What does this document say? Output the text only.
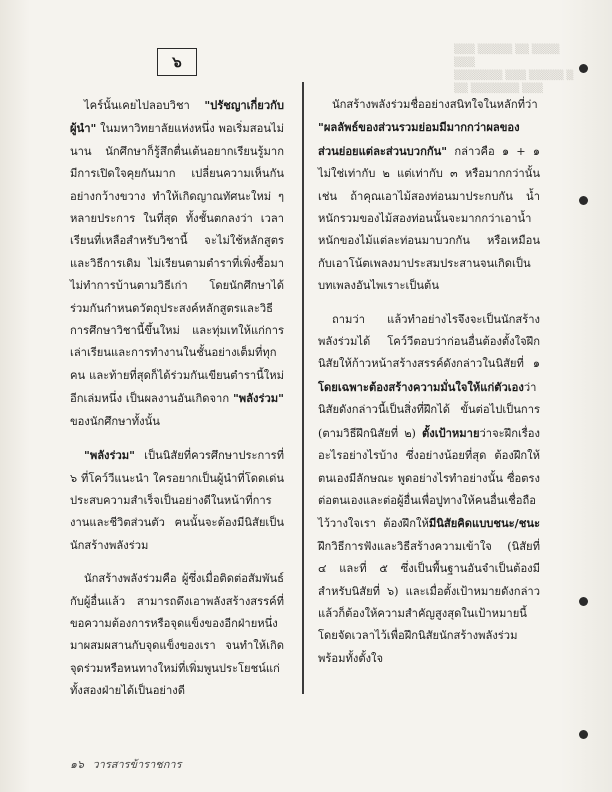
▒▒▒ ▒▒▒▒▒ ▒▒ ▒▒▒▒ ▒▒▒
▒▒▒▒▒▒▒ ▒▒▒ ▒▒▒▒▒ ▒
▒▒ ▒▒▒▒▒▒▒ ▒▒▒
๖

ไคร์นั้นเคยไปลอบวิชา "ปรัชญาเกี่ยวกับผู้นำ" ในมหาวิทยาลัยแห่งหนึ่ง พอเริ่มสอนไม่นาน นักศึกษาก็รู้สึกตื่นเต้นอยากเรียนรู้มาก มีการเปิดใจคุยกันมาก เปลี่ยนความเห็นกันอย่างกว้างขวาง ทำให้เกิดญาณทัศนะใหม่ ๆ หลายประการ ในที่สุด ทั้งชั้นตกลงว่า เวลาเรียนที่เหลือสำหรับวิชานี้ จะไม่ใช้หลักสูตรและวิธีการเดิม ไม่เรียนตามตำราที่เพิ่งซื้อมา ไม่ทำการบ้านตามวิธีเก่า โดยนักศึกษาได้ร่วมกันกำหนดวัตถุประสงค์หลักสูตรและวิธีการศึกษาวิชานี้ขึ้นใหม่ และทุ่มเทให้แก่การเล่าเรียนและการทำงานในชั้นอย่างเต็มที่ทุกคน และท้ายที่สุดก็ได้ร่วมกันเขียนตำรานี้ใหม่อีกเล่มหนึ่ง เป็นผลงานอันเกิดจาก "พลังร่วม" ของนักศึกษาทั้งนั้น

"พลังร่วม" เป็นนิสัยที่ควรศึกษาประการที่ ๖ ที่โคว์วีแนะนำ ใครอยากเป็นผู้นำที่โดดเด่นประสบความสำเร็จเป็นอย่างดีในหน้าที่การงานและชีวิตส่วนตัว ฅนนั้นจะต้องมีนิสัยเป็นนักสร้างพลังร่วม

นักสร้างพลังร่วมคือ ผู้ซึ่งเมื่อติดต่อสัมพันธ์กับผู้อื่นแล้ว สามารถดึงเอาพลังสร้างสรรค์ที่ขอความต้องการหรือจุดแข็งของอีกฝ่ายหนึ่งมาผสมผสานกับจุดแข็งของเรา จนทำให้เกิดจุดร่วมหรือหนทางใหม่ที่เพิ่มพูนประโยชน์แก่ทั้งสองฝ่ายได้เป็นอย่างดี

นักสร้างพลังร่วมชื่ออย่างสนิทใจในหลักที่ว่า "ผลลัพธ์ของส่วนรวมย่อมมีมากกว่าผลของส่วนย่อยแต่ละส่วนบวกกัน" กล่าวคือ ๑ + ๑ ไม่ใช่เท่ากับ ๒ แต่เท่ากับ ๓ หรือมากกว่านั้น เช่น ถ้าคุณเอาไม้สองท่อนมาประกบกัน น้ำหนักรวมของไม้สองท่อนนั้นจะมากกว่าเอาน้ำหนักของไม้แต่ละท่อนมาบวกกัน หรือเหมือนกับเอาโน้ตเพลงมาประสมประสานจนเกิดเป็นบทเพลงอันไพเราะเป็นต้น

ถามว่า แล้วทำอย่างไรจึงจะเป็นนักสร้างพลังร่วมได้ โคว์วีตอบว่าก่อนอื่นต้องตั้งใจฝึกนิสัยให้ก้าวหน้าสร้างสรรค์ดังกล่าวในนิสัยที่ ๑ โดยเฉพาะต้องสร้างความมั่นใจให้แก่ตัวเองว่านิสัยดังกล่าวนี้เป็นสิ่งที่ฝึกได้ ขั้นต่อไปเป็นการ (ตามวิธีฝึกนิสัยที่ ๒) ตั้งเป้าหมายว่าจะฝึกเรื่องอะไรอย่างไรบ้าง ซึ่งอย่างน้อยที่สุด ต้องฝึกให้ตนเองมีลักษณะ พูดอย่างไรทำอย่างนั้น ซื่อตรงต่อตนเองและต่อผู้อื่นเพื่อปูทางให้คนอื่นเชื่อถือไว้วางใจเรา ต้องฝึกให้มีนิสัยคิดแบบชนะ/ชนะ ฝึกวิธีการฟังและวิธีสร้างความเข้าใจ (นิสัยที่ ๔ และที่ ๕ ซึ่งเป็นพื้นฐานอันจำเป็นต้องมีสำหรับนิสัยที่ ๖) และเมื่อตั้งเป้าหมายดังกล่าวแล้วก็ต้องให้ความสำคัญสูงสุดในเป้าหมายนี้ โดยจัดเวลาไว้เพื่อฝึกนิสัยนักสร้างพลังร่วม พร้อมทั้งตั้งใจ

๑๖ วารสารข้าราชการ
